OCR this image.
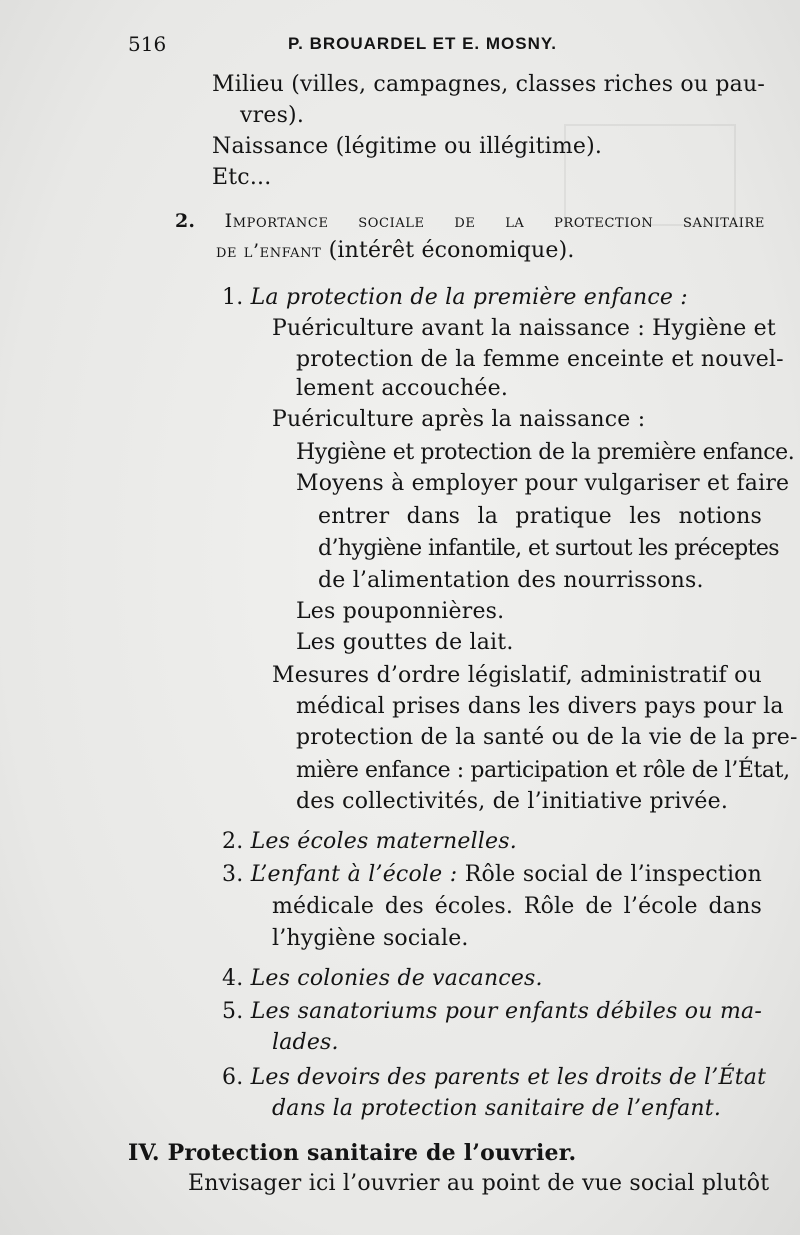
516	P. BROUARDEL ET E. MOSNY.
Milieu (villes, campagnes, classes riches ou pau-
vres).
Naissance (légitime ou illégitime).
Etc...
2. Importance sociale de la protection sanitaire
de l’enfant (intérêt économique).
1. La protection de la première enfance :
Puériculture avant la naissance : Hygiène et
protection de la femme enceinte et nouvel-
lement accouchée.
Puériculture après la naissance :
Hygiène et protection de la première enfance.
Moyens à employer pour vulgariser et faire
entrer dans la pratique les notions
d’hygiène infantile, et surtout les préceptes
de l’alimentation des nourrissons.
Les pouponnières.
Les gouttes de lait.
Mesures d’ordre législatif, administratif ou
médical prises dans les divers pays pour la
protection de la santé ou de la vie de la pre-
mière enfance : participation et rôle de l’État,
des collectivités, de l’initiative privée.
2. Les écoles maternelles.
3. L’enfant à l’école : Rôle social de l’inspection
médicale des écoles. Rôle de l’école dans
l’hygiène sociale.
4. Les colonies de vacances.
5. Les sanatoriums pour enfants débiles ou ma-
lades.
6. Les devoirs des parents et les droits de l’État
dans la protection sanitaire de l’enfant.
IV. Protection sanitaire de l’ouvrier.
Envisager ici l’ouvrier au point de vue social plutôt
